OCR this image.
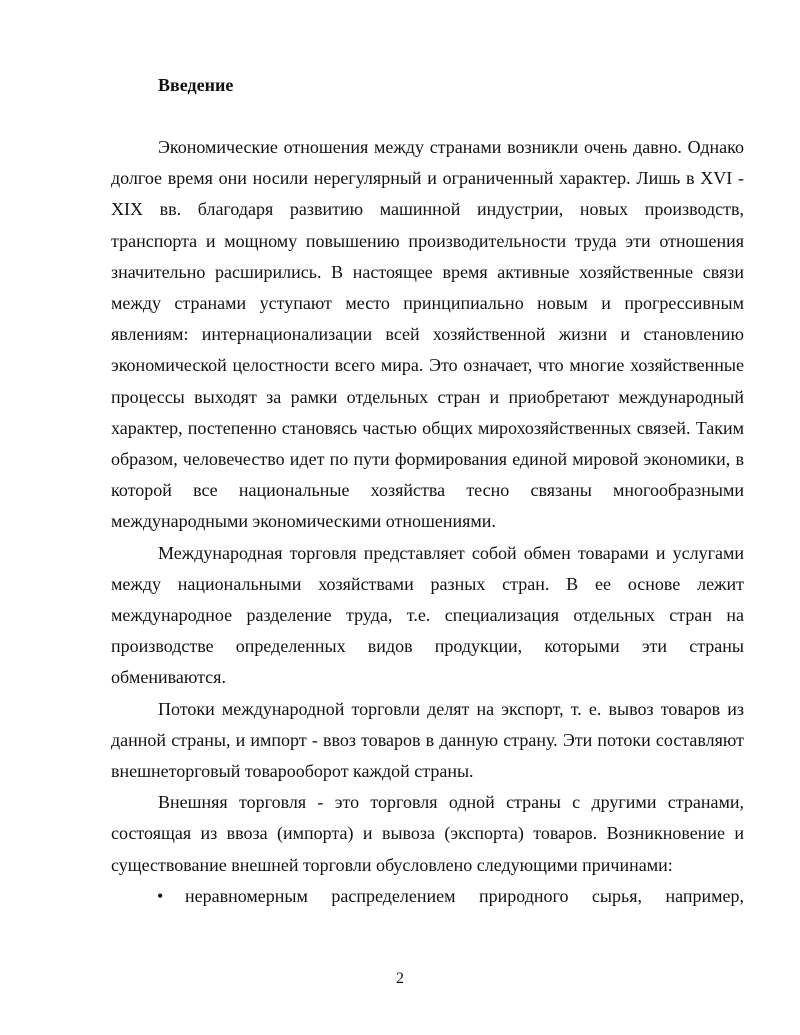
Введение

Экономические отношения между странами возникли очень давно. Однако долгое время они носили нерегулярный и ограниченный характер. Лишь в XVI -XIX вв. благодаря развитию машинной индустрии, новых производств, транспорта и мощному повышению производительности труда эти отношения значительно расширились. В настоящее время активные хозяйственные связи между странами уступают место принципиально новым и прогрессивным явлениям: интернационализации всей хозяйственной жизни и становлению экономической целостности всего мира. Это означает, что многие хозяйственные процессы выходят за рамки отдельных стран и приобретают международный характер, постепенно становясь частью общих мирохозяйственных связей. Таким образом, человечество идет по пути формирования единой мировой экономики, в которой все национальные хозяйства тесно связаны многообразными международными экономическими отношениями.

Международная торговля представляет собой обмен товарами и услугами между национальными хозяйствами разных стран. В ее основе лежит международное разделение труда, т.е. специализация отдельных стран на производстве определенных видов продукции, которыми эти страны обмениваются.

Потоки международной торговли делят на экспорт, т. е. вывоз товаров из данной страны, и импорт - ввоз товаров в данную страну. Эти потоки составляют внешнеторговый товарооборот каждой страны.

Внешняя торговля - это торговля одной страны с другими странами, состоящая из ввоза (импорта) и вывоза (экспорта) товаров. Возникновение и существование внешней торговли обусловлено следующими причинами:

• неравномерным распределением природного сырья, например,

2
